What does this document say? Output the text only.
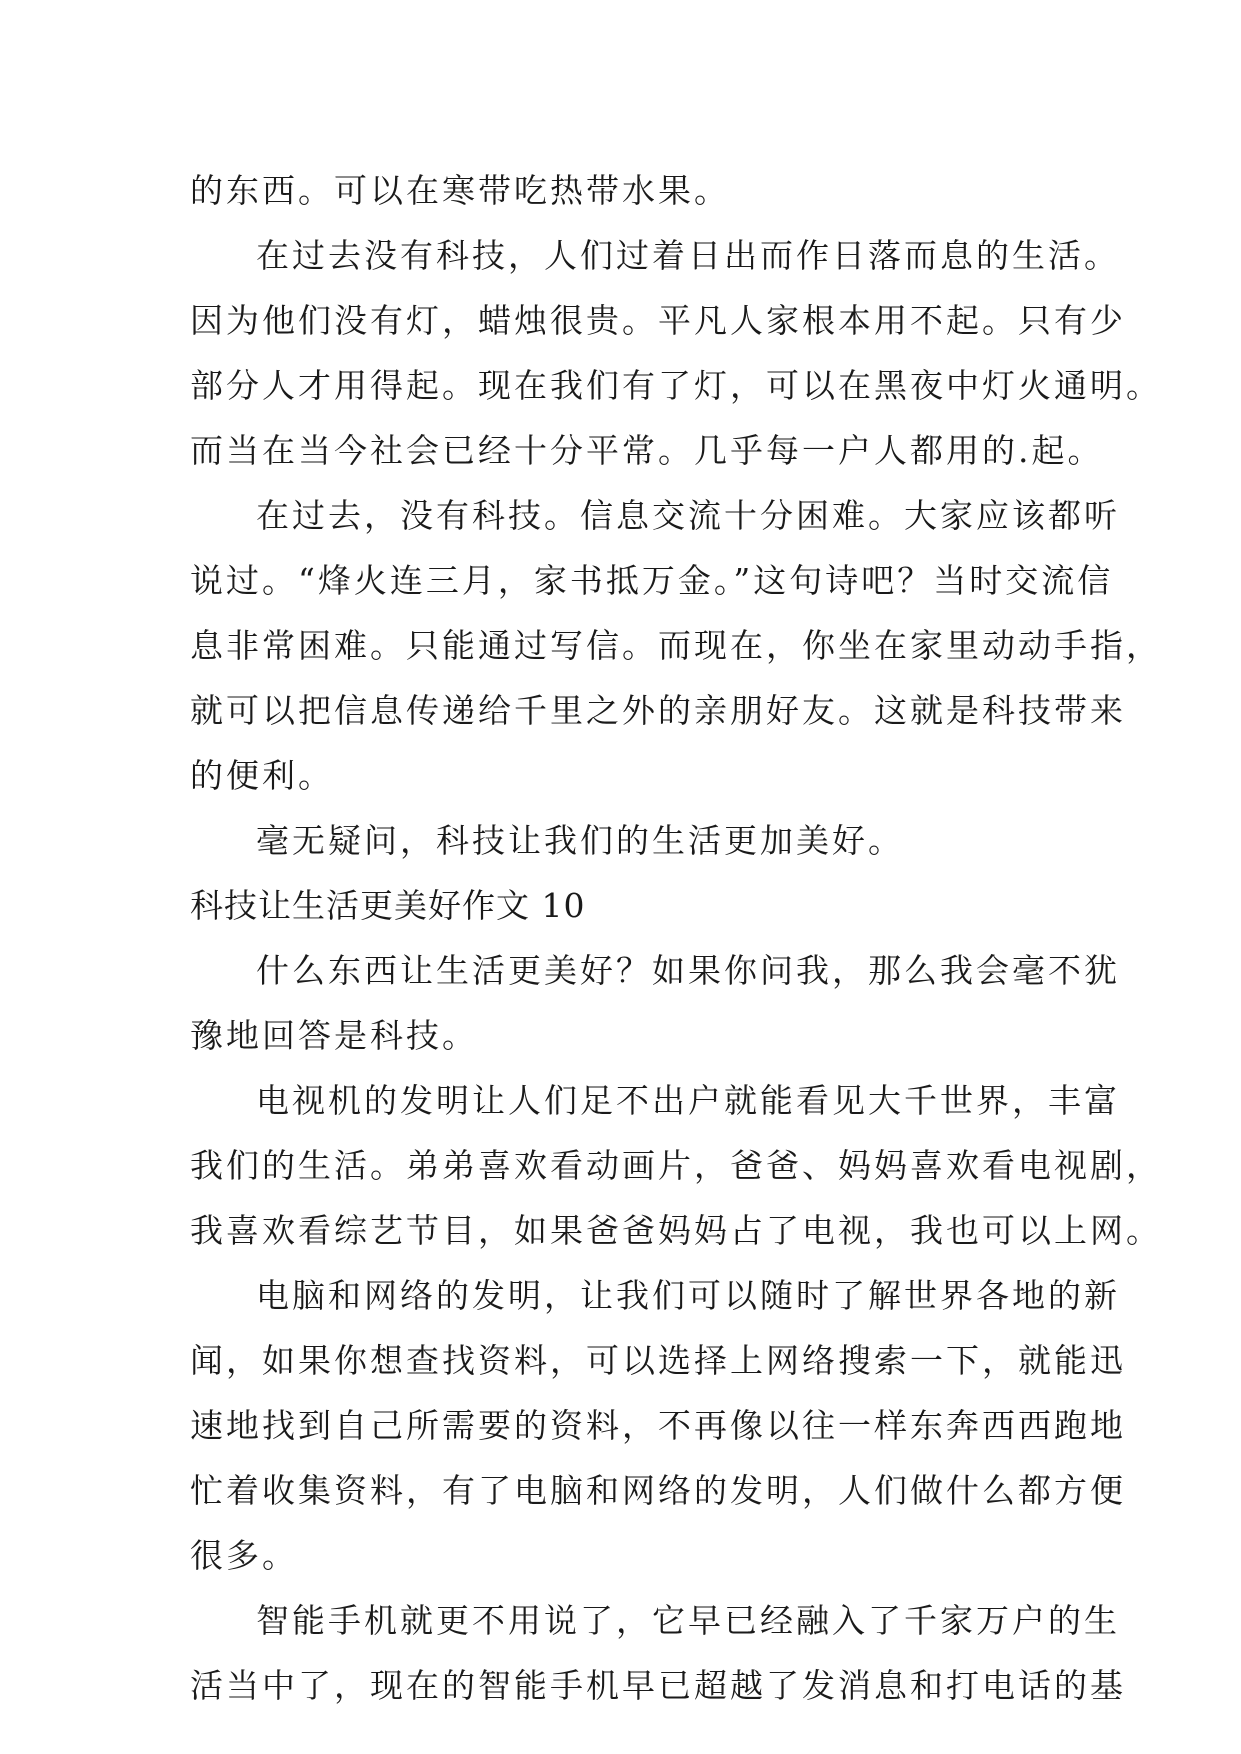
的东西。可以在寒带吃热带水果。
在过去没有科技，人们过着日出而作日落而息的生活。
因为他们没有灯，蜡烛很贵。平凡人家根本用不起。只有少
部分人才用得起。现在我们有了灯，可以在黑夜中灯火通明。
而当在当今社会已经十分平常。几乎每一户人都用的.起。
在过去，没有科技。信息交流十分困难。大家应该都听
说过。“烽火连三月，家书抵万金。”这句诗吧？当时交流信
息非常困难。只能通过写信。而现在，你坐在家里动动手指，
就可以把信息传递给千里之外的亲朋好友。这就是科技带来
的便利。
毫无疑问，科技让我们的生活更加美好。
科技让生活更美好作文 10
什么东西让生活更美好？如果你问我，那么我会毫不犹
豫地回答是科技。
电视机的发明让人们足不出户就能看见大千世界，丰富
我们的生活。弟弟喜欢看动画片，爸爸、妈妈喜欢看电视剧，
我喜欢看综艺节目，如果爸爸妈妈占了电视，我也可以上网。
电脑和网络的发明，让我们可以随时了解世界各地的新
闻，如果你想查找资料，可以选择上网络搜索一下，就能迅
速地找到自己所需要的资料，不再像以往一样东奔西西跑地
忙着收集资料，有了电脑和网络的发明，人们做什么都方便
很多。
智能手机就更不用说了，它早已经融入了千家万户的生
活当中了，现在的智能手机早已超越了发消息和打电话的基
